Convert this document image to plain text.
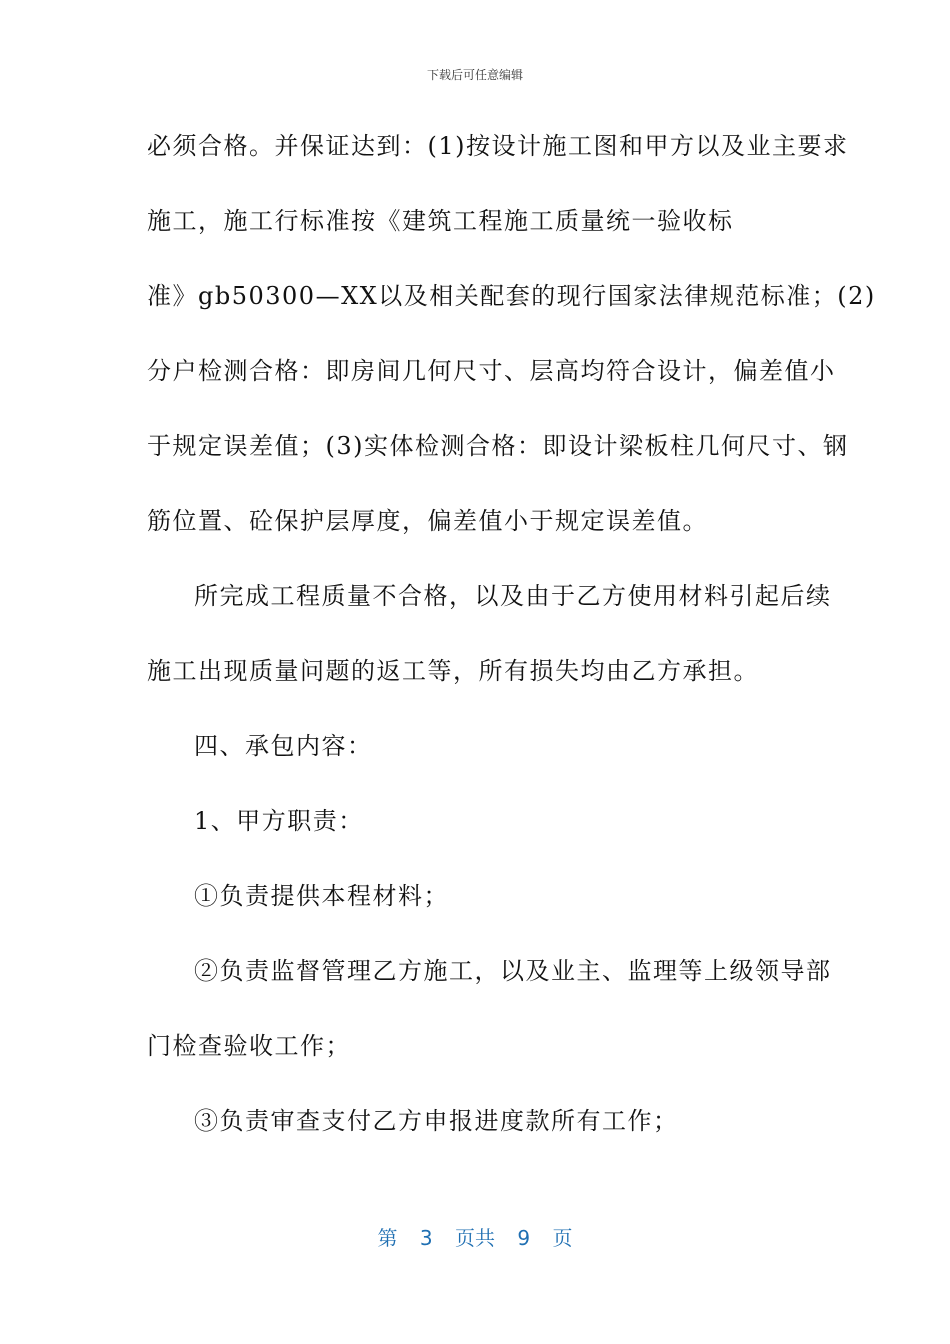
下载后可任意编辑
必须合格。并保证达到：(1)按设计施工图和甲方以及业主要求
施工，施工行标准按《建筑工程施工质量统一验收标
准》gb50300—XX以及相关配套的现行国家法律规范标准；(2)
分户检测合格：即房间几何尺寸、层高均符合设计，偏差值小
于规定误差值；(3)实体检测合格：即设计梁板柱几何尺寸、钢
筋位置、砼保护层厚度，偏差值小于规定误差值。
所完成工程质量不合格，以及由于乙方使用材料引起后续
施工出现质量问题的返工等，所有损失均由乙方承担。
四、承包内容：
1、甲方职责：
①负责提供本程材料；
②负责监督管理乙方施工，以及业主、监理等上级领导部
门检查验收工作；
③负责审查支付乙方申报进度款所有工作；
第 3 页共 9 页
